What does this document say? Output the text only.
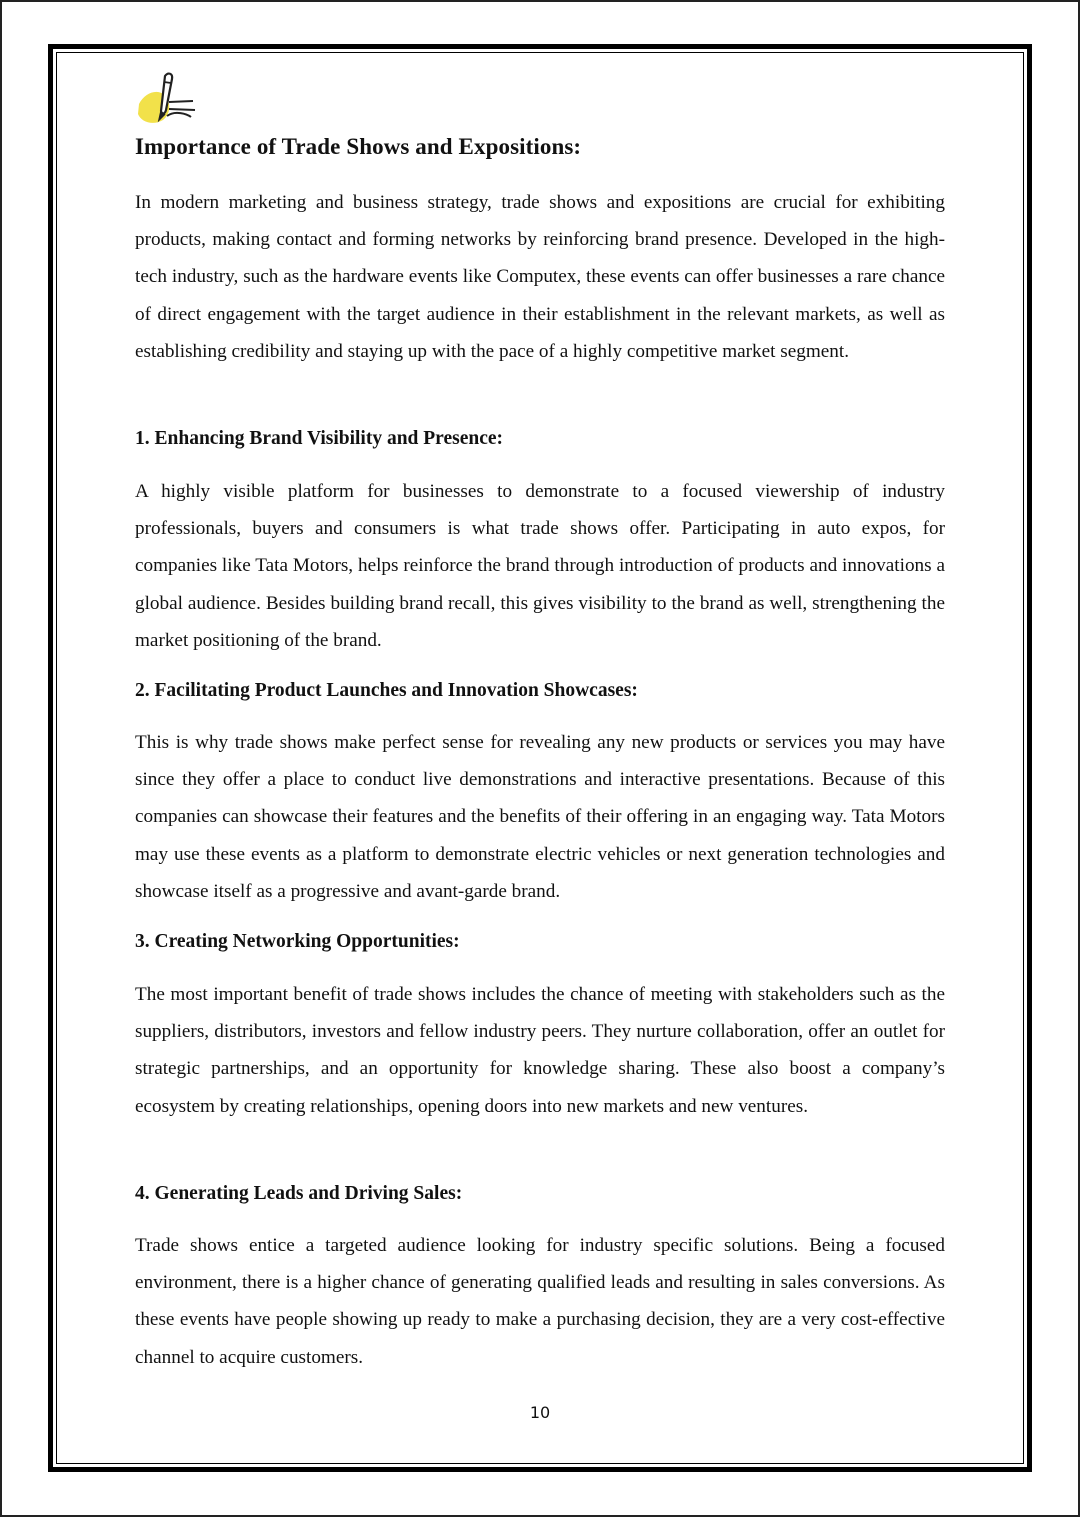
Importance of Trade Shows and Expositions:

In modern marketing and business strategy, trade shows and expositions are crucial for exhibiting products, making contact and forming networks by reinforcing brand presence. Developed in the high-tech industry, such as the hardware events like Computex, these events can offer businesses a rare chance of direct engagement with the target audience in their establishment in the relevant markets, as well as establishing credibility and staying up with the pace of a highly competitive market segment.

1. Enhancing Brand Visibility and Presence:

A highly visible platform for businesses to demonstrate to a focused viewership of industry professionals, buyers and consumers is what trade shows offer. Participating in auto expos, for companies like Tata Motors, helps reinforce the brand through introduction of products and innovations a global audience. Besides building brand recall, this gives visibility to the brand as well, strengthening the market positioning of the brand.

2. Facilitating Product Launches and Innovation Showcases:

This is why trade shows make perfect sense for revealing any new products or services you may have since they offer a place to conduct live demonstrations and interactive presentations. Because of this companies can showcase their features and the benefits of their offering in an engaging way. Tata Motors may use these events as a platform to demonstrate electric vehicles or next generation technologies and showcase itself as a progressive and avant-garde brand.

3. Creating Networking Opportunities:

The most important benefit of trade shows includes the chance of meeting with stakeholders such as the suppliers, distributors, investors and fellow industry peers. They nurture collaboration, offer an outlet for strategic partnerships, and an opportunity for knowledge sharing. These also boost a company’s ecosystem by creating relationships, opening doors into new markets and new ventures.

4. Generating Leads and Driving Sales:

Trade shows entice a targeted audience looking for industry specific solutions. Being a focused environment, there is a higher chance of generating qualified leads and resulting in sales conversions. As these events have people showing up ready to make a purchasing decision, they are a very cost-effective channel to acquire customers.

10
